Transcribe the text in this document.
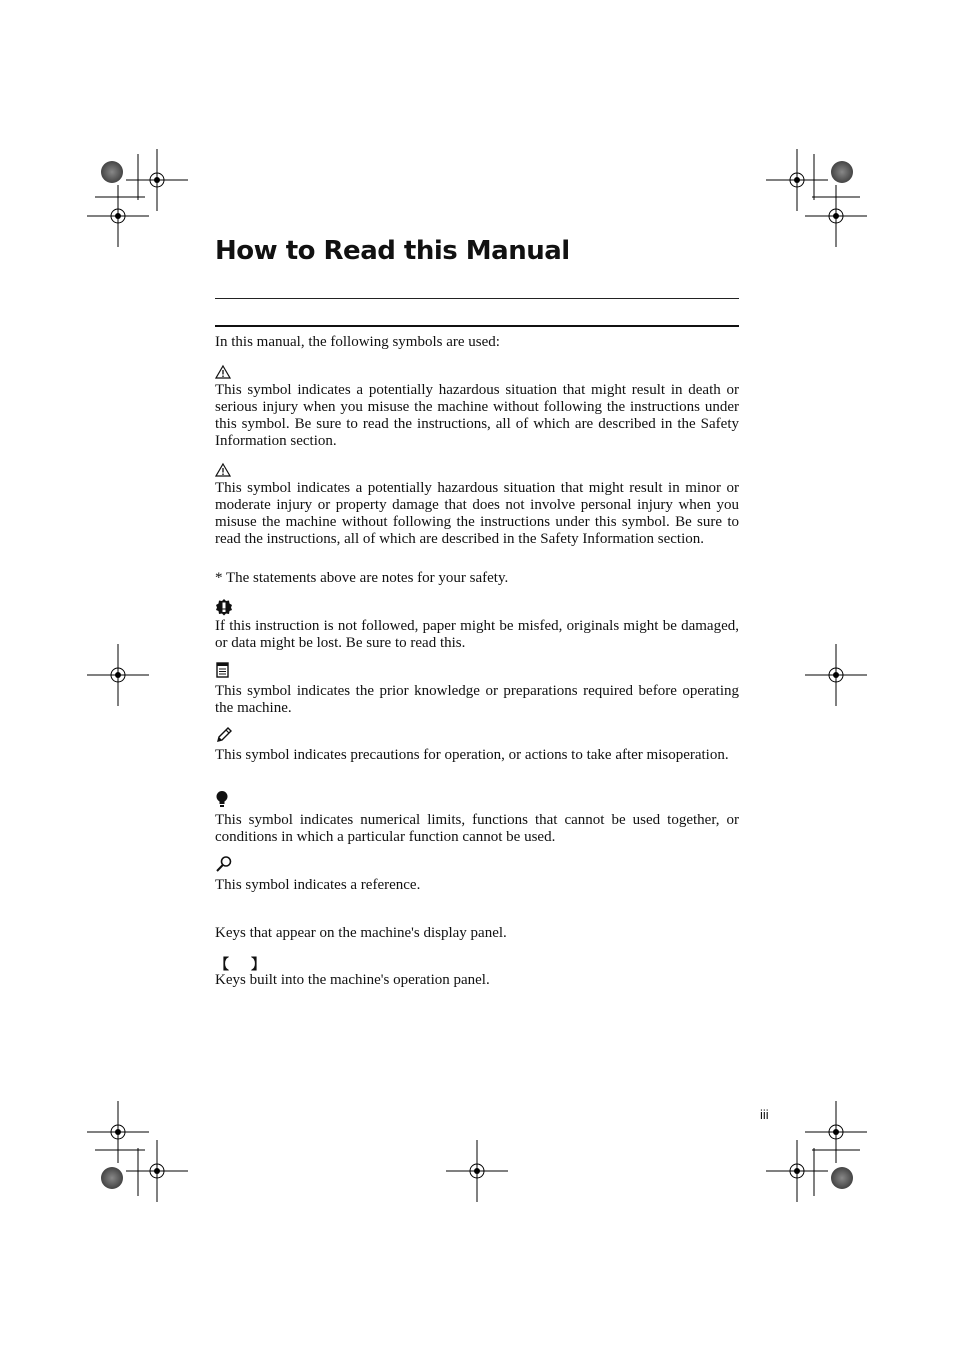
How to Read this Manual

In this manual, the following symbols are used:

This symbol indicates a potentially hazardous situation that might result in death or serious injury when you misuse the machine without following the instructions under this symbol. Be sure to read the instructions, all of which are described in the Safety Information section.

This symbol indicates a potentially hazardous situation that might result in minor or moderate injury or property damage that does not involve personal injury when you misuse the machine without following the instructions under this symbol. Be sure to read the instructions, all of which are described in the Safety Information section.

* The statements above are notes for your safety.

If this instruction is not followed, paper might be misfed, originals might be damaged, or data might be lost. Be sure to read this.

This symbol indicates the prior knowledge or preparations required before operating the machine.

This symbol indicates precautions for operation, or actions to take after misoperation.

This symbol indicates numerical limits, functions that cannot be used together, or conditions in which a particular function cannot be used.

This symbol indicates a reference.

Keys that appear on the machine's display panel.

【 】

Keys built into the machine's operation panel.

iii
